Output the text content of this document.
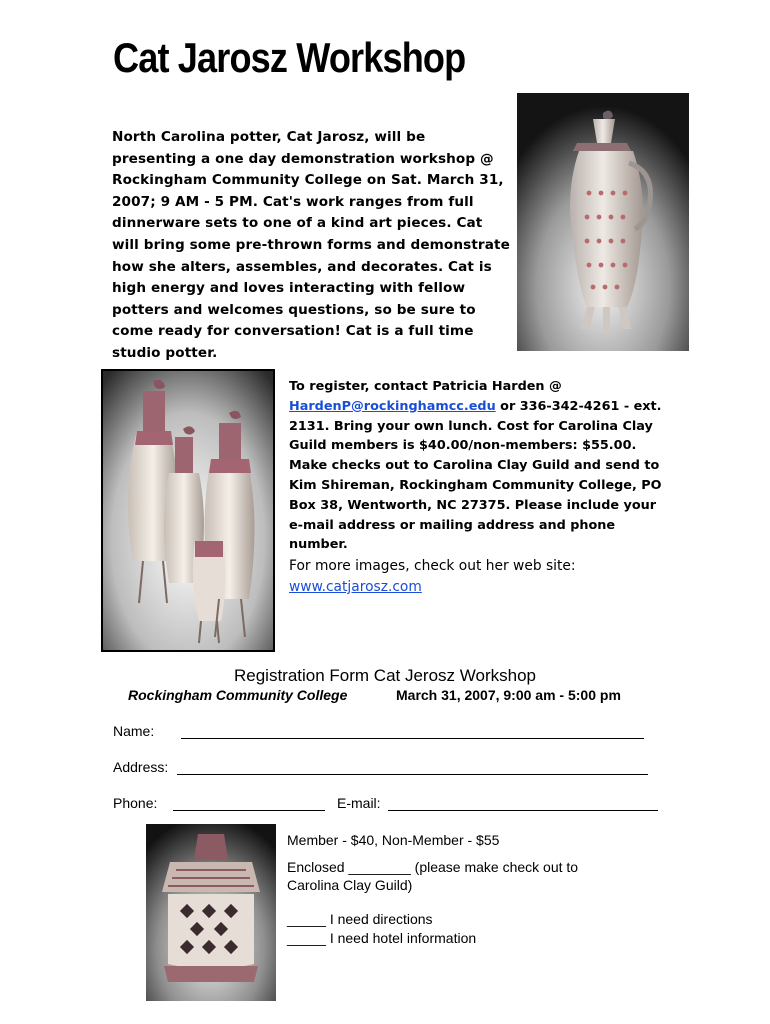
Cat Jarosz Workshop

North Carolina potter, Cat Jarosz, will be presenting a one day demonstration workshop @ Rockingham Community College on Sat. March 31, 2007; 9 AM - 5 PM. Cat's work ranges from full dinnerware sets to one of a kind art pieces. Cat will bring some pre-thrown forms and demonstrate how she alters, assembles, and decorates. Cat is high energy and loves interacting with fellow potters and welcomes questions, so be sure to come ready for conversation! Cat is a full time studio potter.

To register, contact Patricia Harden @ HardenP@rockinghamcc.edu or 336-342-4261 - ext. 2131. Bring your own lunch. Cost for Carolina Clay Guild members is $40.00/non-members: $55.00. Make checks out to Carolina Clay Guild and send to Kim Shireman, Rockingham Community College, PO Box 38, Wentworth, NC 27375. Please include your e-mail address or mailing address and phone number.
For more images, check out her web site:
www.catjarosz.com
Registration Form Cat Jerosz Workshop
Rockingham Community College	March 31, 2007, 9:00 am - 5:00 pm
Name:
Address:
Phone:	E-mail:
Member - $40, Non-Member - $55
Enclosed ________ (please make check out to
Carolina Clay Guild)
_____ I need directions
_____ I need hotel information
